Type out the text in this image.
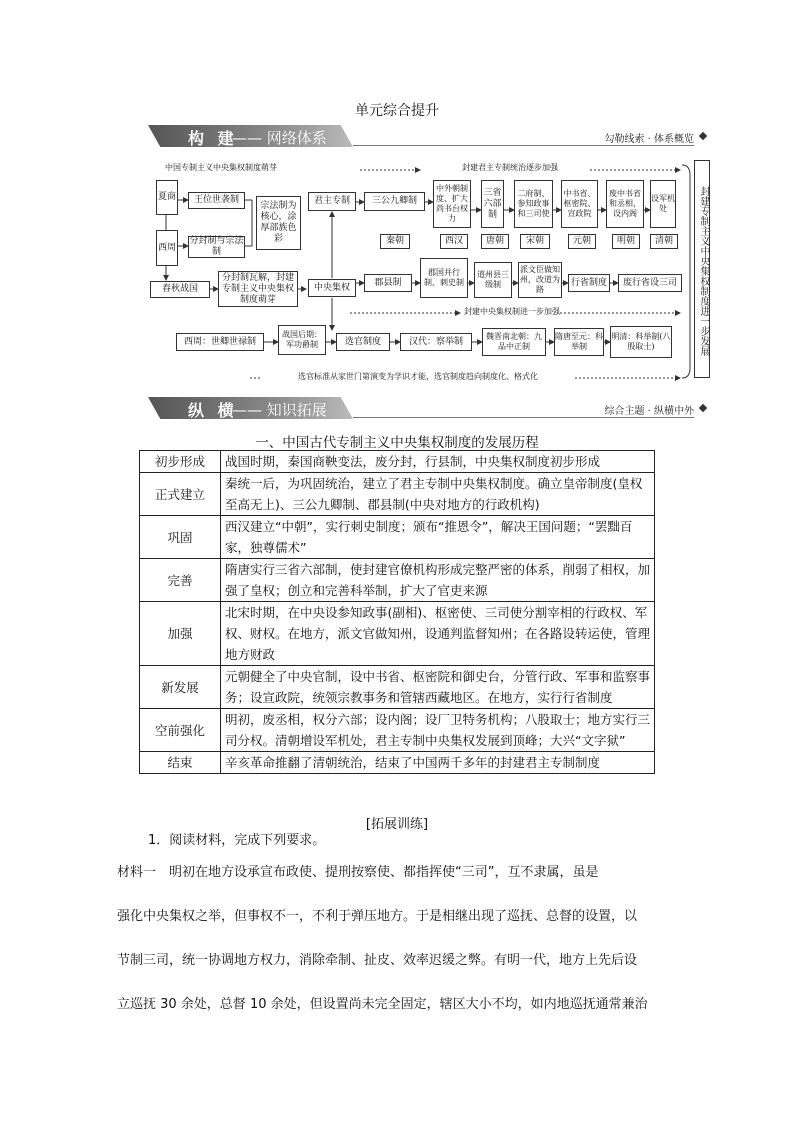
单元综合提升
构 建
—— 网络体系	勾勒线索 · 体系概览
中国专制主义中央集权制度萌芽	封建君主专制统治逐步加强
封建中央集权制进一步加强
选官标准从家世门第演变为学识才能，选官制度趋向制度化、格式化
封建专制主义中央集权制度进一步发展
夏商
西周
春秋战国
王位世袭制
分封制与宗法制
宗法制为核心，涂厚部族色彩
分封制瓦解，封建专制主义中央集权制度萌芽
君主专制
中央集权
三公九卿制
秦朝
郡县制
中外朝制度、扩大尚书台权力
西汉
郡国并行制、刺史制
三省六部制
唐朝
道州县三级制
二府制、参知政事和三司使
宋朝
派文臣做知州，改道为路
中书省、枢密院、宣政院
元朝
行省制度
废中书省和丞相，设内阁
明朝
废行省设三司
设军机处
清朝
选官制度
西周：世卿世禄制
战国后期：军功爵制	汉代：察举制	魏晋南北朝：九品中正制
隋唐至元：科举制
明清：科举制(八股取士)
纵 横
—— 知识拓展	综合主题 · 纵横中外
一、中国古代专制主义中央集权制度的发展历程
初步形成	战国时期，秦国商鞅变法，废分封，行县制，中央集权制度初步形成
正式建立	秦统一后，为巩固统治，建立了君主专制中央集权制度。确立皇帝制度(皇权至高无上)、三公九卿制、郡县制(中央对地方的行政机构)
巩固	西汉建立“中朝”，实行刺史制度；颁布“推恩令”，解决王国问题；“罢黜百家，独尊儒术”
完善	隋唐实行三省六部制，使封建官僚机构形成完整严密的体系，削弱了相权，加强了皇权；创立和完善科举制，扩大了官吏来源
加强	北宋时期，在中央设参知政事(副相)、枢密使、三司使分割宰相的行政权、军权、财权。在地方，派文官做知州，设通判监督知州；在各路设转运使，管理地方财政
新发展	元朝健全了中央官制，设中书省、枢密院和御史台，分管行政、军事和监察事务；设宣政院，统领宗教事务和管辖西藏地区。在地方，实行行省制度
空前强化	明初，废丞相，权分六部；设内阁；设厂卫特务机构；八股取士；地方实行三司分权。清朝增设军机处，君主专制中央集权发展到顶峰；大兴“文字狱”
结束	辛亥革命推翻了清朝统治，结束了中国两千多年的封建君主专制制度
[拓展训练]
1．阅读材料，完成下列要求。
材料一　明初在地方设承宣布政使、提刑按察使、都指挥使“三司”，互不隶属，虽是
强化中央集权之举，但事权不一，不利于弹压地方。于是相继出现了巡抚、总督的设置，以
节制三司，统一协调地方权力，消除牵制、扯皮、效率迟缓之弊。有明一代，地方上先后设
立巡抚 30 余处，总督 10 余处，但设置尚未完全固定，辖区大小不均，如内地巡抚通常兼治
